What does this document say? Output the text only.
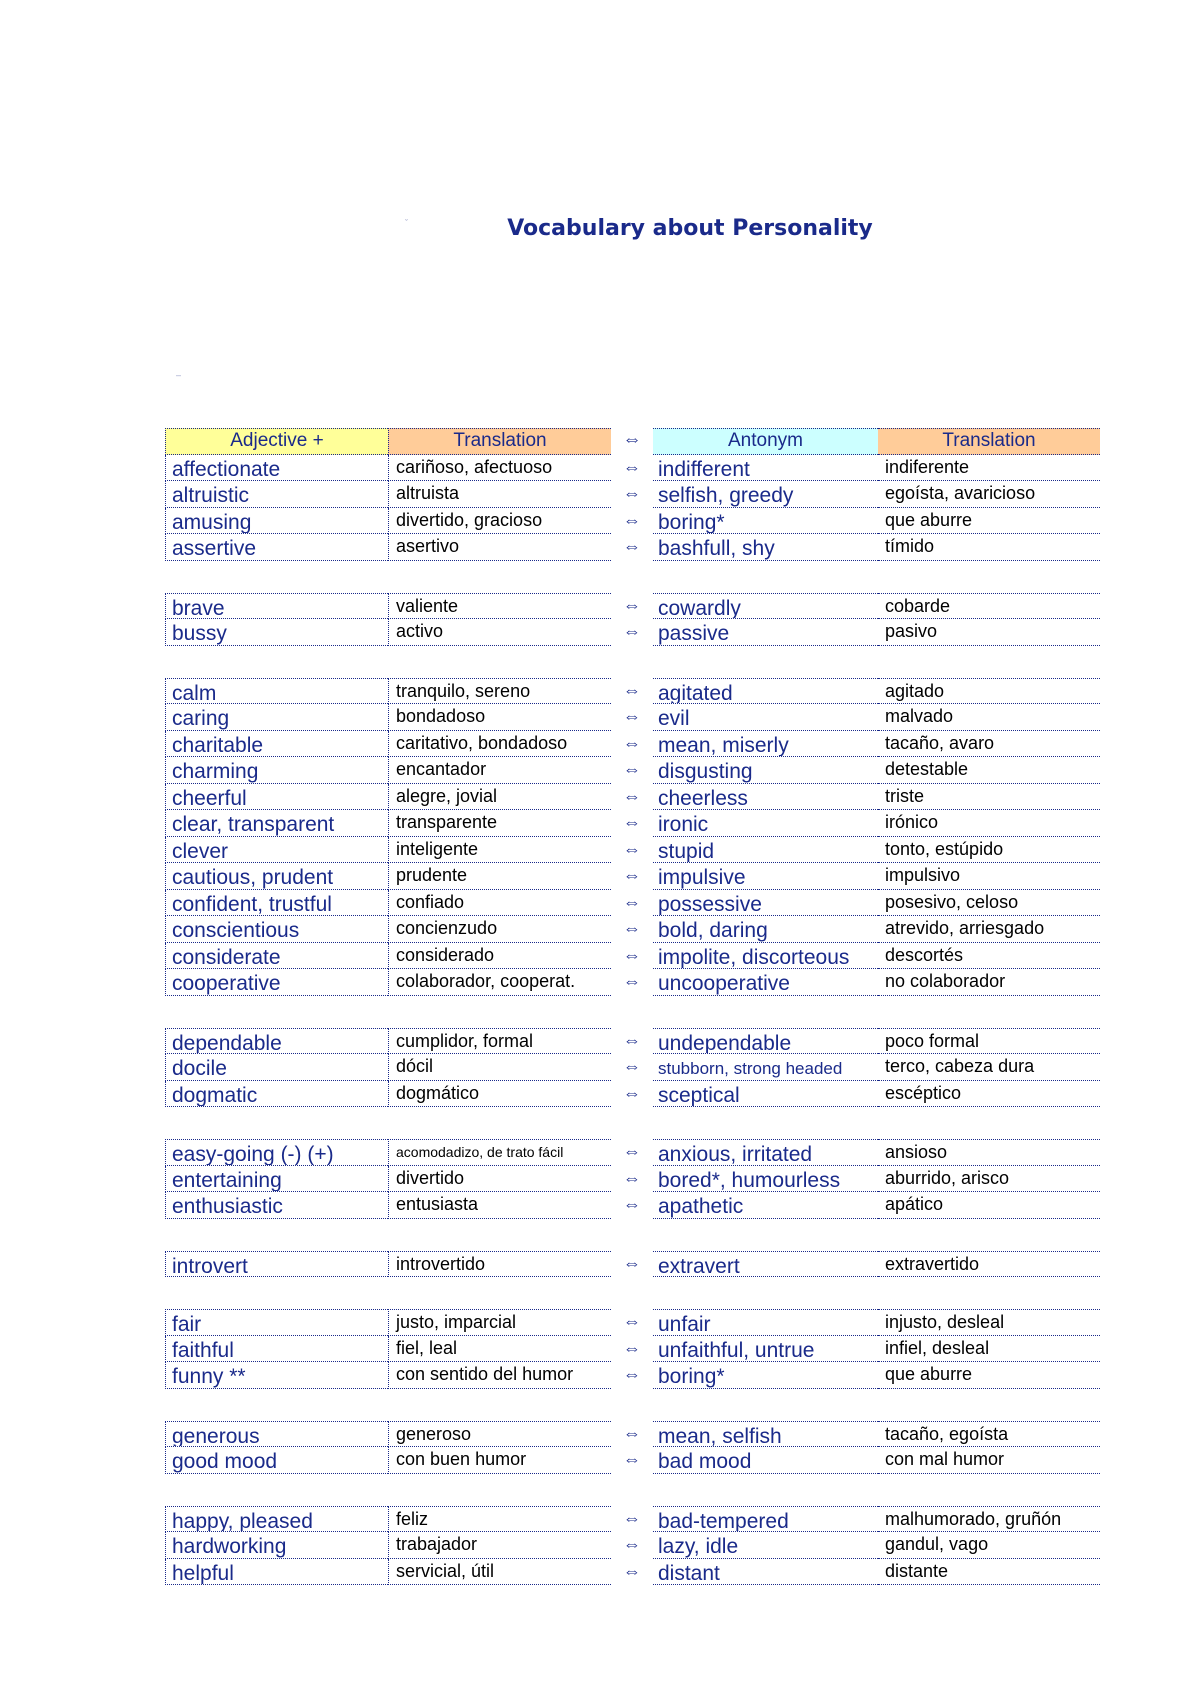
Vocabulary about Personality
ˇ
–
Adjective +	Translation	⇔	Antonym	Translation
affectionate	cariñoso, afectuoso	⇔ indifferent	indiferente
altruistic	altruista	⇔ selfish, greedy	egoísta, avaricioso
amusing	divertido, gracioso	⇔ boring*	que aburre
assertive	asertivo	⇔ bashfull, shy	tímido
brave	valiente	⇔ cowardly	cobarde
bussy	activo	⇔ passive	pasivo
calm	tranquilo, sereno	⇔ agitated	agitado
caring	bondadoso	⇔ evil	malvado
charitable	caritativo, bondadoso	⇔ mean, miserly	tacaño, avaro
charming	encantador	⇔ disgusting	detestable
cheerful	alegre, jovial	⇔ cheerless	triste
clear, transparent	transparente	⇔ ironic	irónico
clever	inteligente	⇔ stupid	tonto, estúpido
cautious, prudent	prudente	⇔ impulsive	impulsivo
confident, trustful	confiado	⇔ possessive	posesivo, celoso
conscientious	concienzudo	⇔ bold, daring	atrevido, arriesgado
considerate	considerado	⇔ impolite, discorteous	descortés
cooperative	colaborador, cooperat.	⇔ uncooperative	no colaborador
dependable	cumplidor, formal	⇔ undependable	poco formal
docile	dócil	⇔	stubborn, strong headed	terco, cabeza dura
dogmatic	dogmático	⇔ sceptical	escéptico
easy-going (-) (+)	acomodadizo, de trato fácil	⇔ anxious, irritated	ansioso
entertaining	divertido	⇔ bored*, humourless	aburrido, arisco
enthusiastic	entusiasta	⇔ apathetic	apático
introvert	introvertido	⇔ extravert	extravertido
fair	justo, imparcial	⇔ unfair	injusto, desleal
faithful	fiel, leal	⇔ unfaithful, untrue	infiel, desleal
funny **	con sentido del humor	⇔ boring*	que aburre
generous	generoso	⇔ mean, selfish	tacaño, egoísta
good mood	con buen humor	⇔ bad mood	con mal humor
happy, pleased	feliz	⇔ bad-tempered	malhumorado, gruñón
hardworking	trabajador	⇔ lazy, idle	gandul, vago
helpful	servicial, útil	⇔ distant	distante
